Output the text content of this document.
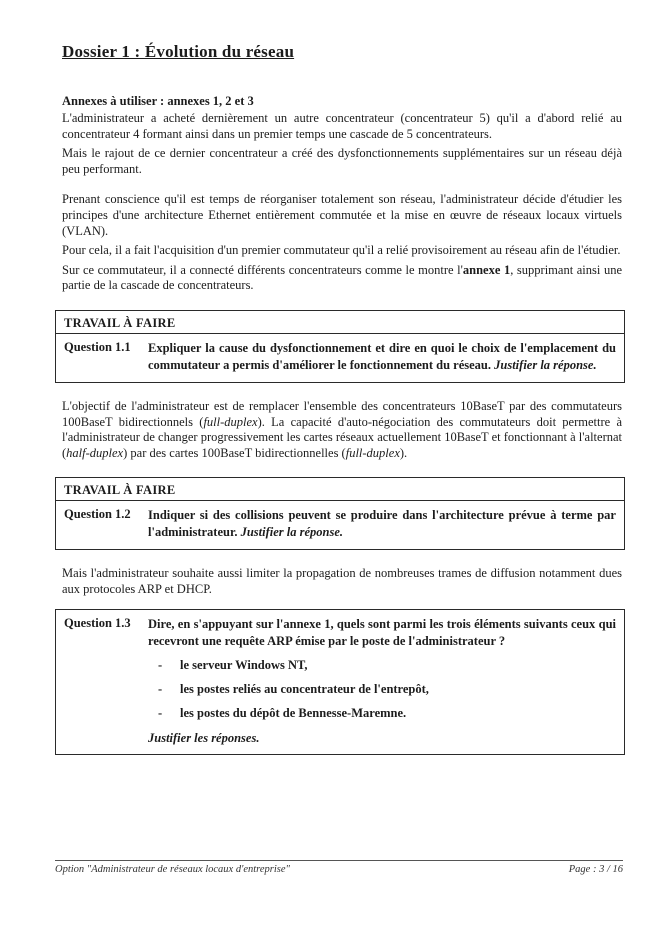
Dossier 1 : Évolution du réseau
Annexes à utiliser : annexes 1, 2 et 3

L'administrateur a acheté dernièrement un autre concentrateur (concentrateur 5) qu'il a d'abord relié au concentrateur 4 formant ainsi dans un premier temps une cascade de 5 concentrateurs.

Mais le rajout de ce dernier concentrateur a créé des dysfonctionnements supplémentaires sur un réseau déjà peu performant.

Prenant conscience qu'il est temps de réorganiser totalement son réseau, l'administrateur décide d'étudier les principes d'une architecture Ethernet entièrement commutée et la mise en œuvre de réseaux locaux virtuels (VLAN).

Pour cela, il a fait l'acquisition d'un premier commutateur qu'il a relié provisoirement au réseau afin de l'étudier.

Sur ce commutateur, il a connecté différents concentrateurs comme le montre l'annexe 1, supprimant ainsi une partie de la cascade de concentrateurs.

TRAVAIL À FAIRE
Question 1.1	Expliquer la cause du dysfonctionnement et dire en quoi le choix de l'emplacement du commutateur a permis d'améliorer le fonctionnement du réseau. Justifier la réponse.

L'objectif de l'administrateur est de remplacer l'ensemble des concentrateurs 10BaseT par des commutateurs 100BaseT bidirectionnels (full-duplex). La capacité d'auto-négociation des commutateurs doit permettre à l'administrateur de changer progressivement les cartes réseaux actuellement 10BaseT et fonctionnant à l'alternat (half-duplex) par des cartes 100BaseT bidirectionnelles (full-duplex).

TRAVAIL À FAIRE
Question 1.2	Indiquer si des collisions peuvent se produire dans l'architecture prévue à terme par l'administrateur. Justifier la réponse.

Mais l'administrateur souhaite aussi limiter la propagation de nombreuses trames de diffusion notamment dues aux protocoles ARP et DHCP.

Question 1.3	Dire, en s'appuyant sur l'annexe 1, quels sont parmi les trois éléments suivants ceux qui recevront une requête ARP émise par le poste de l'administrateur ?

-	le serveur Windows NT,
-	les postes reliés au concentrateur de l'entrepôt,
-	les postes du dépôt de Bennesse-Maremne.
Justifier les réponses.
Option "Administrateur de réseaux locaux d'entreprise"	Page : 3 / 16
